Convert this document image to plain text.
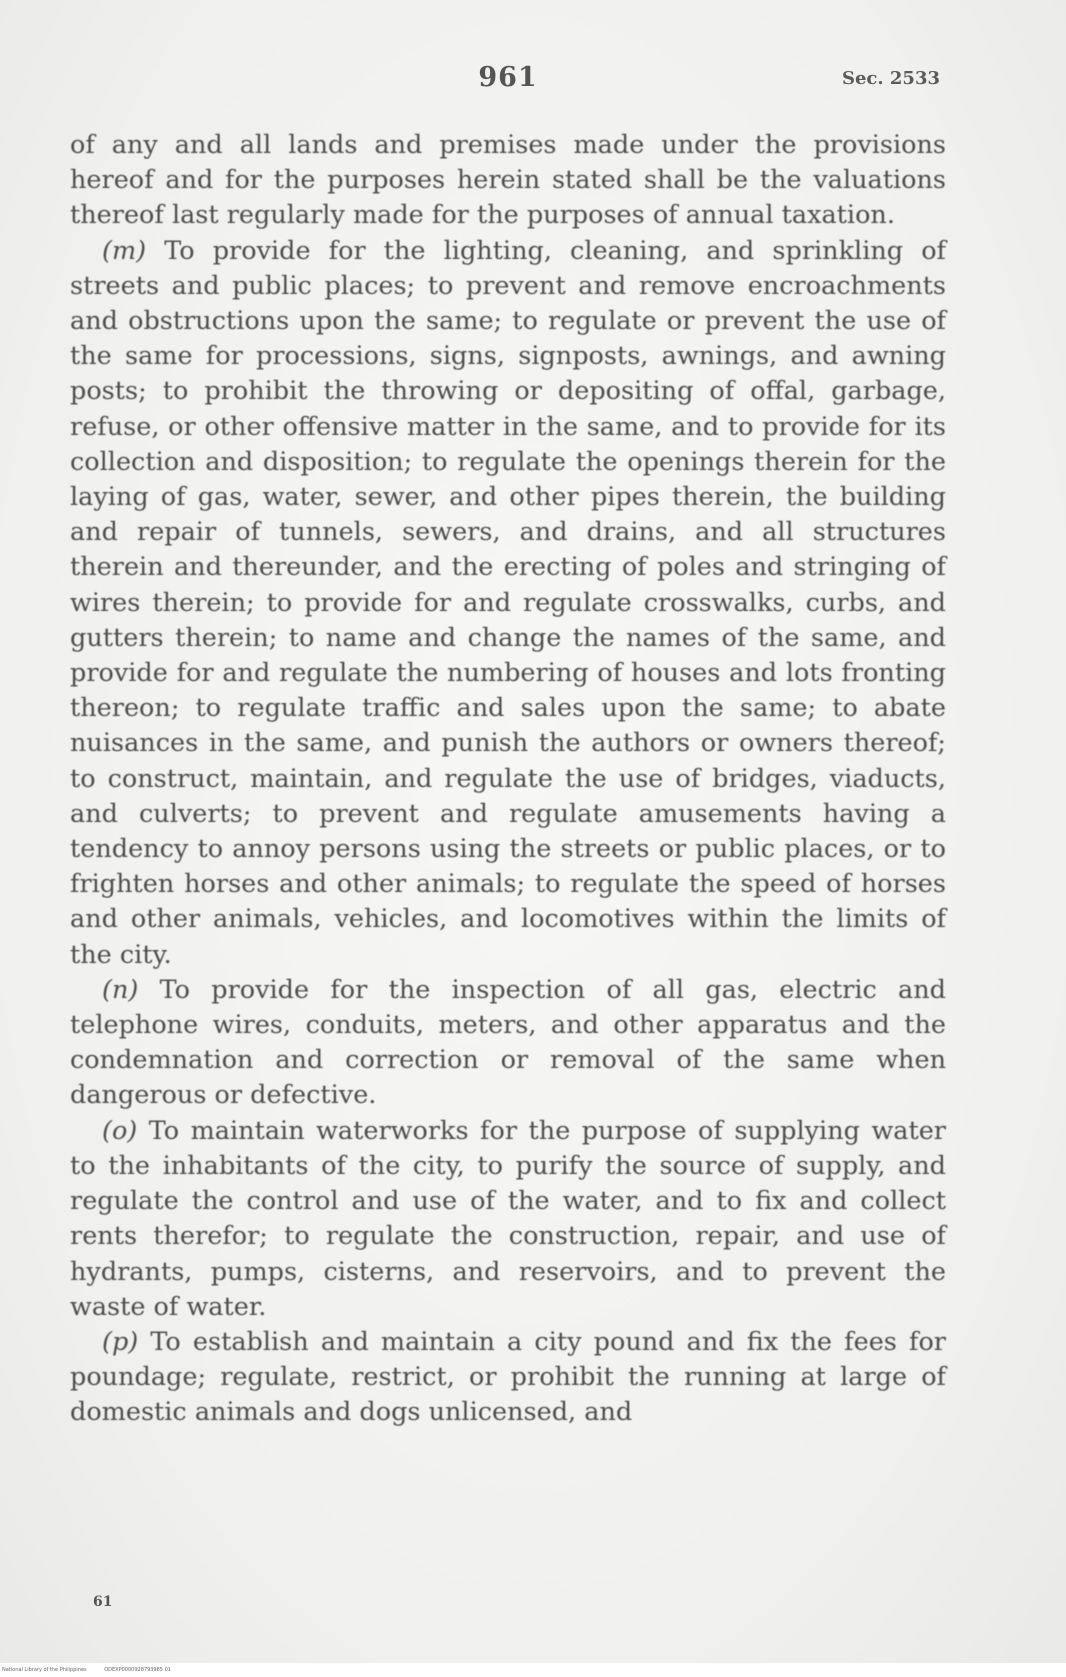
961	Sec. 2533

of any and all lands and premises made under the provisions hereof and for the purposes herein stated shall be the valuations thereof last regularly made for the purposes of annual taxation.

(m) To provide for the lighting, cleaning, and sprinkling of streets and public places; to prevent and remove encroachments and obstructions upon the same; to regulate or prevent the use of the same for processions, signs, signposts, awnings, and awning posts; to prohibit the throwing or depositing of offal, garbage, refuse, or other offensive matter in the same, and to provide for its collection and disposition; to regulate the openings therein for the laying of gas, water, sewer, and other pipes therein, the building and repair of tunnels, sewers, and drains, and all structures therein and thereunder, and the erecting of poles and stringing of wires therein; to provide for and regulate crosswalks, curbs, and gutters therein; to name and change the names of the same, and provide for and regulate the numbering of houses and lots fronting thereon; to regulate traffic and sales upon the same; to abate nuisances in the same, and punish the authors or owners thereof; to construct, maintain, and regulate the use of bridges, viaducts, and culverts; to prevent and regulate amusements having a tendency to annoy persons using the streets or public places, or to frighten horses and other animals; to regulate the speed of horses and other animals, vehicles, and locomotives within the limits of the city.

(n) To provide for the inspection of all gas, electric and telephone wires, conduits, meters, and other apparatus and the condemnation and correction or removal of the same when dangerous or defective.

(o) To maintain waterworks for the purpose of supplying water to the inhabitants of the city, to purify the source of supply, and regulate the control and use of the water, and to fix and collect rents therefor; to regulate the construction, repair, and use of hydrants, pumps, cisterns, and reservoirs, and to prevent the waste of water.

(p) To establish and maintain a city pound and fix the fees for poundage; regulate, restrict, or prohibit the running at large of domestic animals and dogs unlicensed, and

61
National Library of the Philippines	ODEXP0000928793985 01
